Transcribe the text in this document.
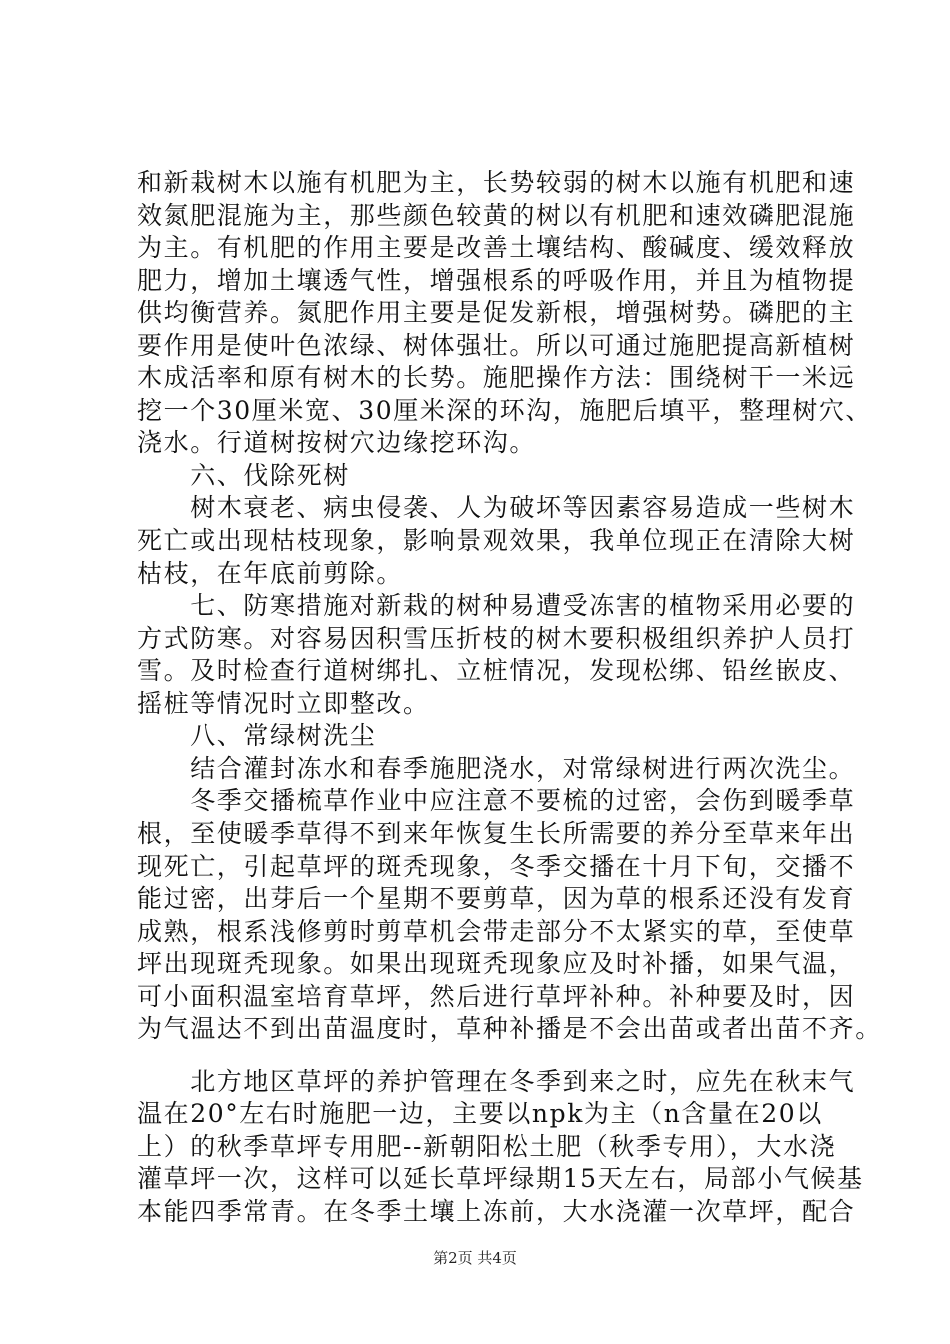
和新栽树木以施有机肥为主，长势较弱的树木以施有机肥和速
效氮肥混施为主，那些颜色较黄的树以有机肥和速效磷肥混施
为主。有机肥的作用主要是改善土壤结构、酸碱度、缓效释放
肥力，增加土壤透气性，增强根系的呼吸作用，并且为植物提
供均衡营养。氮肥作用主要是促发新根，增强树势。磷肥的主
要作用是使叶色浓绿、树体强壮。所以可通过施肥提高新植树
木成活率和原有树木的长势。施肥操作方法：围绕树干一米远
挖一个30厘米宽、30厘米深的环沟，施肥后填平，整理树穴、
浇水。行道树按树穴边缘挖环沟。
　　六、伐除死树
　　树木衰老、病虫侵袭、人为破坏等因素容易造成一些树木
死亡或出现枯枝现象，影响景观效果，我单位现正在清除大树
枯枝，在年底前剪除。
　　七、防寒措施对新栽的树种易遭受冻害的植物采用必要的
方式防寒。对容易因积雪压折枝的树木要积极组织养护人员打
雪。及时检查行道树绑扎、立桩情况，发现松绑、铅丝嵌皮、
摇桩等情况时立即整改。
　　八、常绿树洗尘
　　结合灌封冻水和春季施肥浇水，对常绿树进行两次洗尘。
　　冬季交播梳草作业中应注意不要梳的过密，会伤到暖季草
根，至使暖季草得不到来年恢复生长所需要的养分至草来年出
现死亡，引起草坪的斑秃现象，冬季交播在十月下旬，交播不
能过密，出芽后一个星期不要剪草，因为草的根系还没有发育
成熟，根系浅修剪时剪草机会带走部分不太紧实的草，至使草
坪出现斑秃现象。如果出现斑秃现象应及时补播，如果气温，
可小面积温室培育草坪，然后进行草坪补种。补种要及时，因
为气温达不到出苗温度时，草种补播是不会出苗或者出苗不齐。
　　北方地区草坪的养护管理在冬季到来之时，应先在秋末气
温在20°左右时施肥一边，主要以npk为主（n含量在20以
上）的秋季草坪专用肥--新朝阳松土肥（秋季专用），大水浇
灌草坪一次，这样可以延长草坪绿期15天左右，局部小气候基
本能四季常青。在冬季土壤上冻前，大水浇灌一次草坪，配合
第2页 共4页
